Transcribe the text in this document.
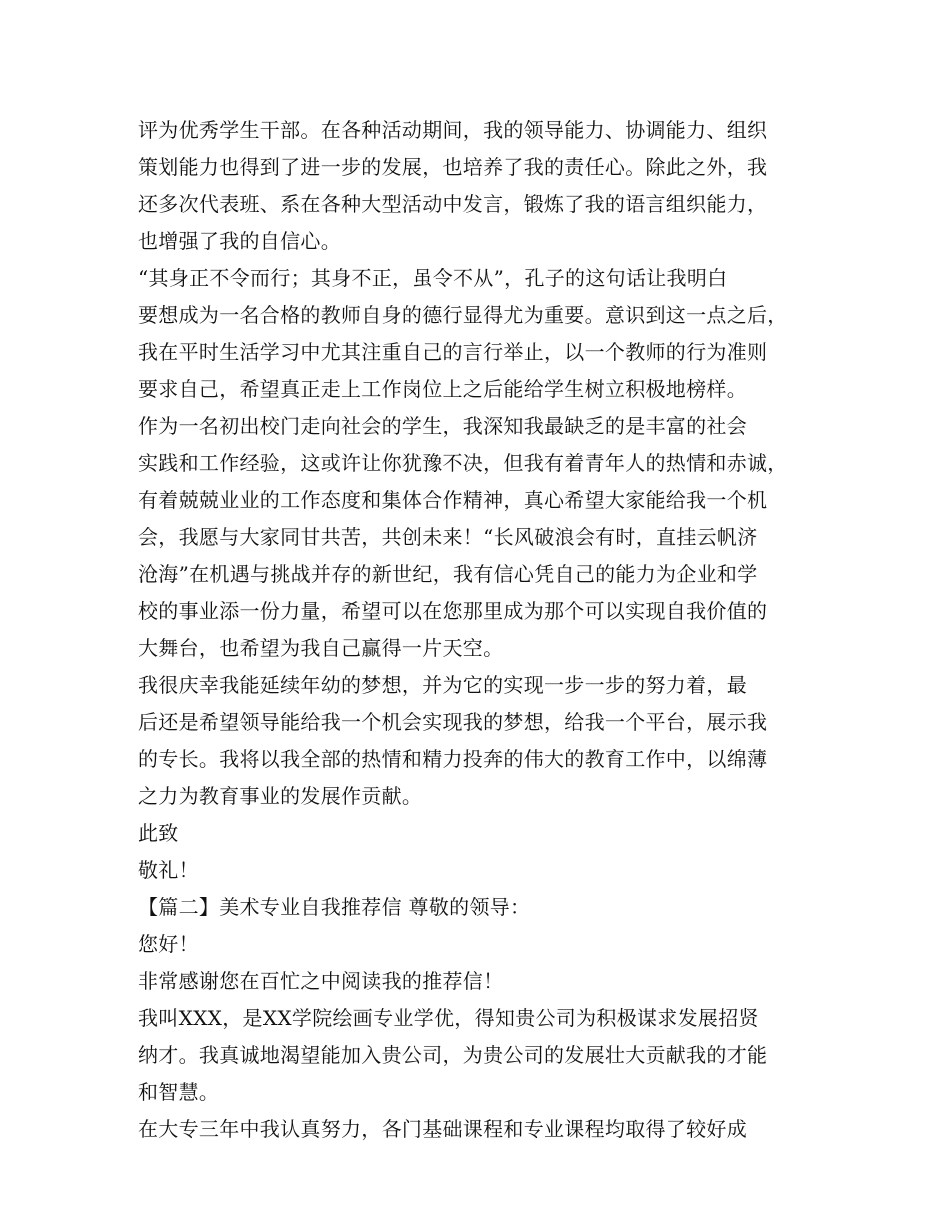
评为优秀学生干部。在各种活动期间，我的领导能力、协调能力、组织
策划能力也得到了进一步的发展，也培养了我的责任心。除此之外，我
还多次代表班、系在各种大型活动中发言，锻炼了我的语言组织能力，
也增强了我的自信心。
“其身正不令而行；其身不正，虽令不从”，孔子的这句话让我明白
要想成为一名合格的教师自身的德行显得尤为重要。意识到这一点之后，
我在平时生活学习中尤其注重自己的言行举止，以一个教师的行为准则
要求自己，希望真正走上工作岗位上之后能给学生树立积极地榜样。
作为一名初出校门走向社会的学生，我深知我最缺乏的是丰富的社会
实践和工作经验，这或许让你犹豫不决，但我有着青年人的热情和赤诚，
有着兢兢业业的工作态度和集体合作精神，真心希望大家能给我一个机
会，我愿与大家同甘共苦，共创未来！“长风破浪会有时，直挂云帆济
沧海”在机遇与挑战并存的新世纪，我有信心凭自己的能力为企业和学
校的事业添一份力量，希望可以在您那里成为那个可以实现自我价值的
大舞台，也希望为我自己赢得一片天空。
我很庆幸我能延续年幼的梦想，并为它的实现一步一步的努力着，最
后还是希望领导能给我一个机会实现我的梦想，给我一个平台，展示我
的专长。我将以我全部的热情和精力投奔的伟大的教育工作中，以绵薄
之力为教育事业的发展作贡献。
此致
敬礼！
【篇二】美术专业自我推荐信 尊敬的领导：
您好！
非常感谢您在百忙之中阅读我的推荐信！
我叫XXX，是XX学院绘画专业学优，得知贵公司为积极谋求发展招贤
纳才。我真诚地渴望能加入贵公司，为贵公司的发展壮大贡献我的才能
和智慧。
在大专三年中我认真努力，各门基础课程和专业课程均取得了较好成
